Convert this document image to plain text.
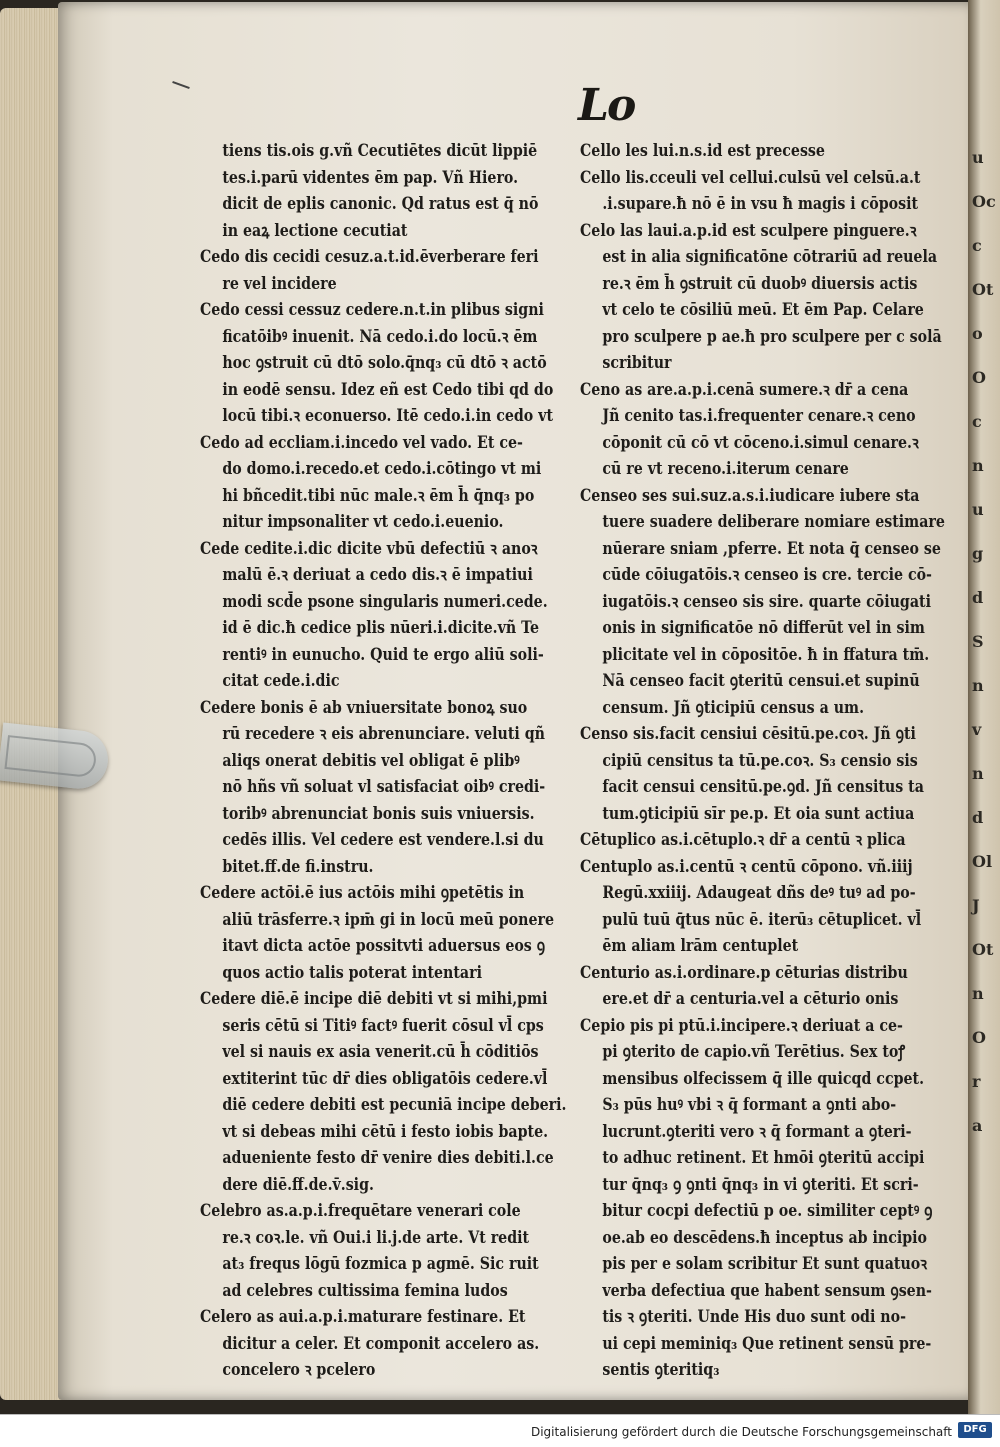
Lo
tiens tis.ois g.vñ Cecutiētes dicūt lippiē
tes.i.parū videntes ēm pap. Vñ Hiero.
dicit de eplis canonic. Qd ratus est q̄ nō
in eaꝝ lectione cecutiat
Cedo dis cecidi cesuz.a.t.id.ēverberare feri
re vel incidere
Cedo cessi cessuz cedere.n.t.in plibus signi
ficatōibꝰ inuenit. Nā cedo.i.do locū.ꝛ ēm
hoc ꝯstruit cū dtō solo.q̄nq₃ cū dtō ꝛ actō
in eodē sensu. Idez eñ est Cedo tibi qd do
locū tibi.ꝛ econuerso. Itē cedo.i.in cedo vt
Cedo ad eccliam.i.incedo vel vado. Et ce-
do domo.i.recedo.et cedo.i.cōtingo vt mi
hi bñcedit.tibi nūc male.ꝛ ēm h̄ q̄nq₃ po
nitur impsonaliter vt cedo.i.euenio.
Cede cedite.i.dic dicite vbū defectiū ꝛ anoꝛ
malū ē.ꝛ deriuat a cedo dis.ꝛ ē impatiui
modi scd̄e psone singularis numeri.cede.
id ē dic.ħ cedice plis nūeri.i.dicite.vñ Te
rentiꝰ in eunucho. Quid te ergo aliū soli-
citat cede.i.dic
Cedere bonis ē ab vniuersitate bonoꝝ suo
rū recedere ꝛ eis abrenunciare. veluti qñ
aliqs onerat debitis vel obligat ē plibꝰ
nō hñs vñ soluat vl satisfaciat oibꝰ credi-
toribꝰ abrenunciat bonis suis vniuersis.
cedēs illis. Vel cedere est vendere.l.si du
bitet.ff.de fi.instru.
Cedere actōi.ē ius actōis mihi ꝯpetētis in
aliū trāsferre.ꝛ ipm̄ gi in locū meū ponere
itavt dicta actōe possitvti aduersus eos ꝯ
quos actio talis poterat intentari
Cedere diē.ē incipe diē debiti vt si mihi,pmi
seris cētū si Titiꝰ factꝰ fuerit cōsul vl̄ cps
vel si nauis ex asia venerit.cū h̄ cōditiōs
extiterint tūc dr̄ dies obligatōis cedere.vl̄
diē cedere debiti est pecuniā incipe deberi.
vt si debeas mihi cētū i festo iobis bapte.
adueniente festo dr̄ venire dies debiti.l.ce
dere diē.ff.de.v̄.sig.
Celebro as.a.p.i.frequētare venerari cole
re.ꝛ coꝛ.le. vñ Oui.i li.j.de arte. Vt redit
at₃ frequs lōgū fozmica p agmē. Sic ruit
ad celebres cultissima femina ludos
Celero as aui.a.p.i.maturare festinare. Et
dicitur a celer. Et componit accelero as.
concelero ꝛ pcelero
Cello les lui.n.s.id est precesse
Cello lis.cceuli vel cellui.culsū vel celsū.a.t
.i.supare.ħ nō ē in vsu ħ magis i cōposit
Celo las laui.a.p.id est sculpere pinguere.ꝛ
est in alia significatōne cōtrariū ad reuela
re.ꝛ ēm h̄ ꝯstruit cū duobꝰ diuersis actis
vt celo te cōsiliū meū. Et ēm Pap. Celare
pro sculpere p ae.ħ pro sculpere per c solā
scribitur
Ceno as are.a.p.i.cenā sumere.ꝛ dr̄ a cena
Jñ cenito tas.i.frequenter cenare.ꝛ ceno
cōponit cū cō vt cōceno.i.simul cenare.ꝛ
cū re vt receno.i.iterum cenare
Censeo ses sui.suz.a.s.i.iudicare iubere sta
tuere suadere deliberare nomiare estimare
nūerare sniam ,pferre. Et nota q̄ censeo se
cūde cōiugatōis.ꝛ censeo is cre. tercie cō-
iugatōis.ꝛ censeo sis sire. quarte cōiugati
onis in significatōe nō differūt vel in sim
plicitate vel in cōpositōe. ħ in ffatura tm̄.
Nā censeo facit ꝯteritū censui.et supinū
censum. Jñ ꝯticipiū census a um.
Censo sis.facit censiui cēsitū.pe.coꝛ. Jñ ꝯti
cipiū censitus ta tū.pe.coꝛ. S₃ censio sis
facit censui censitū.pe.ꝯd. Jñ censitus ta
tum.ꝯticipiū sīr pe.p. Et oia sunt actiua
Cētuplico as.i.cētuplo.ꝛ dr̄ a centū ꝛ plica
Centuplo as.i.centū ꝛ centū cōpono. vñ.iiij
Regū.xxiiij. Adaugeat dñs deꝰ tuꝰ ad po-
pulū tuū q̄tus nūc ē. iterū₃ cētuplicet. vl̄
ēm aliam lrām centuplet
Centurio as.i.ordinare.p cēturias distribu
ere.et dr̄ a centuria.vel a cēturio onis
Cepio pis pi ptū.i.incipere.ꝛ deriuat a ce-
pi ꝯterito de capio.vñ Terētius. Sex toꝭ
mensibus olfecissem q̄ ille quicqd ccpet.
S₃ pūs huꝰ vbi ꝛ q̄ formant a ꝯnti abo-
lucrunt.ꝯteriti vero ꝛ q̄ formant a ꝯteri-
to adhuc retinent. Et hmōi ꝯteritū accipi
tur q̄nq₃ ꝯ ꝯnti q̄nq₃ in vi ꝯteriti. Et scri-
bitur cocpi defectiū p oe. similiter ceptꝰ ꝯ
oe.ab eo descēdens.ħ inceptus ab incipio
pis per e solam scribitur Et sunt quatuoꝛ
verba defectiua que habent sensum ꝯsen-
tis ꝛ ꝯteriti. Unde His duo sunt odi no-
ui cepi meminiq₃ Que retinent sensū pre-
sentis ꝯteritiq₃
u
Oc
c
Ot
o
O
c
n
u
g
d
S
n
v
n
d
Ol
J
Ot
n
O
r
a
Digitalisierung gefördert durch die Deutsche Forschungsgemeinschaft	DFG
